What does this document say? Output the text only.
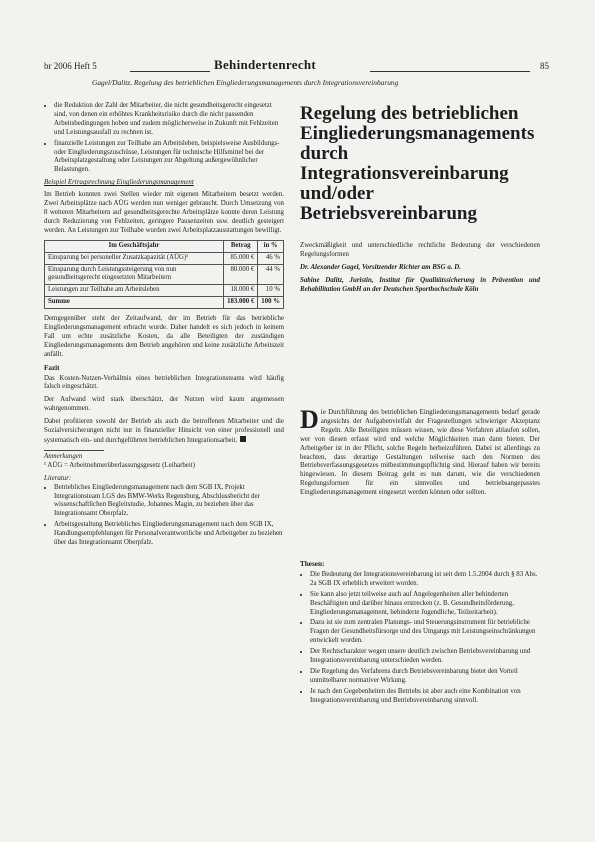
br 2006 Heft 5	Behindertenrecht	85
Gagel/Dalitz, Regelung des betrieblichen Eingliederungsmanagements durch Integrationsvereinbarung
• die Reduktion der Zahl der Mitarbeiter, die nicht gesundheitsgerecht eingesetzt sind, von denen ein erhöhtes Krankheitsrisiko durch die nicht passenden Arbeitsbedingungen hoben und zudem möglicherweise in Zukunft mit Fehlzeiten und Leistungsausfall zu rechnen ist.
• finanzielle Leistungen zur Teilhabe am Arbeitsleben, beispielsweise Ausbildungs- oder Eingliederungszuschüsse, Leistungen für technische Hilfsmittel bei der Arbeitsplatzgestaltung oder Leistungen zur Abgeltung außergewöhnlicher Belastungen.
Beispiel Ertragsrechnung Eingliederungsmanagement

Im Betrieb konnten zwei Stellen wieder mit eigenen Mitarbeitern besetzt werden. Zwei Arbeitsplätze nach AÜG werden nun weniger gebraucht. Durch Umsetzung von 8 weiteren Mitarbeitern auf gesundheitsgerechte Arbeitsplätze konnte deren Leistung durch Reduzierung von Fehlzeiten, geringere Pausenzeiten usw. deutlich gesteigert werden. An Leistungen zur Teilhabe wurden zwei Arbeitsplatzausstattungen bewilligt.

Im Geschäftsjahr	Betrag	in %
Einsparung bei personeller Zusatzkapazität (AÜG)¹	85.000 €	46 %
Einsparung durch Leistungssteigerung von nun gesundheitsgerecht eingesetzten Mitarbeitern	80.000 €	44 %
Leistungen zur Teilhabe am Arbeitsleben	18.000 €	10 %
Summe	183.000 €	100 %

Demgegenüber steht der Zeitaufwand, der im Betrieb für das betriebliche Eingliederungsmanagement erbracht wurde. Daher handelt es sich jedoch in keinem Fall um echte zusätzliche Kosten, da alle Beteiligten der zuständigen Eingliederungsmanagements dem Betrieb angehören und keine zusätzliche Arbeitszeit anfällt.

Fazit

Das Kosten-Nutzen-Verhältnis eines betrieblichen Integrationsteams wird häufig falsch eingeschätzt.

Der Aufwand wird stark überschätzt, der Nutzen wird kaum angemessen wahrgenommen.

Dabei profitieren sowohl der Betrieb als auch die betroffenen Mitarbeiter und die Sozialversicherungen nicht nur in finanzieller Hinsicht von einer professionell und systematisch ein- und durchgeführten betrieblichen Integrationsarbeit.

Anmerkungen

¹ AÜG = Arbeitnehmerüberlassungsgesetz (Leiharbeit)

Literatur:
• Betriebliches Eingliederungsmanagement nach dem SGB IX, Projekt Integrationsteam LGS des BMW-Werks Regensburg, Abschlussbericht der wissenschaftlichen Begleitstudie, Johannes Magin, zu beziehen über das Integrationsamt Oberpfalz.
• Arbeitsgestaltung Betriebliches Eingliederungsmanagement nach dem SGB IX, Handlungsempfehlungen für Personalverantwortliche und Arbeitgeber zu beziehen über das Integrationsamt Oberpfalz.
Regelung des betrieblichen Eingliederungsmanagements durch Integrationsvereinbarung und/oder Betriebsvereinbarung

Zweckmäßigkeit und unterschiedliche rechtliche Bedeutung der verschiedenen Regelungsformen

Dr. Alexander Gagel, Vorsitzender Richter am BSG a. D.

Sabine Dalitz, Juristin, Institut für Qualitätssicherung in Prävention und Rehabilitation GmbH an der Deutschen Sporthochschule Köln

Die Durchführung des betrieblichen Eingliederungsmanagements bedarf gerade angesichts der Aufgabenvielfalt der Fragestellungen schwieriger Akzeptanz Regeln. Alle Beteiligten müssen wissen, wie diese Verfahren ablaufen sollen, wer von diesen erfasst wird und welche Möglichkeiten man dann bieten. Der Arbeitgeber ist in der Pflicht, solche Regeln herbeizuführen. Dabei ist allerdings zu beachten, dass derartige Gestaltungen teilweise nach den Normen des Betriebsverfassungsgesetzes mitbestimmungspflichtig sind. Hierauf haben wir bereits hingewiesen. In diesem Beitrag geht es nun darum, wie die verschiedenen Regelungsformen für ein sinnvolles und betriebsangepasstes Eingliederungsmanagement eingesetzt werden können oder sollten.
Thesen:
• Die Bedeutung der Integrationsvereinbarung ist seit dem 1.5.2004 durch § 83 Abs. 2a SGB IX erheblich erweitert worden.
• Sie kann also jetzt teilweise auch auf Angelegenheiten aller behinderten Beschäftigten und darüber hinaus erstrecken (z. B. Gesundheitsförderung, Eingliederungsmanagement, behinderte Jugendliche, Teilzeitarbeit).
• Dazu ist sie zum zentralen Planungs- und Steuerungsinstrument für betriebliche Fragen der Gesundheitsfürsorge und des Umgangs mit Leistungseinschränkungen entwickelt worden.
• Der Rechtscharakter wegen unsere deutlich zwischen Betriebsvereinbarung und Integrationsvereinbarung unterschieden werden.
• Die Regelung des Verfahrens durch Betriebsvereinbarung bietet den Vorteil unmittelbarer normativer Wirkung.
• Je nach den Gegebenheiten des Betriebs ist aber auch eine Kombination von Integrationsvereinbarung und Betriebsvereinbarung sinnvoll.
